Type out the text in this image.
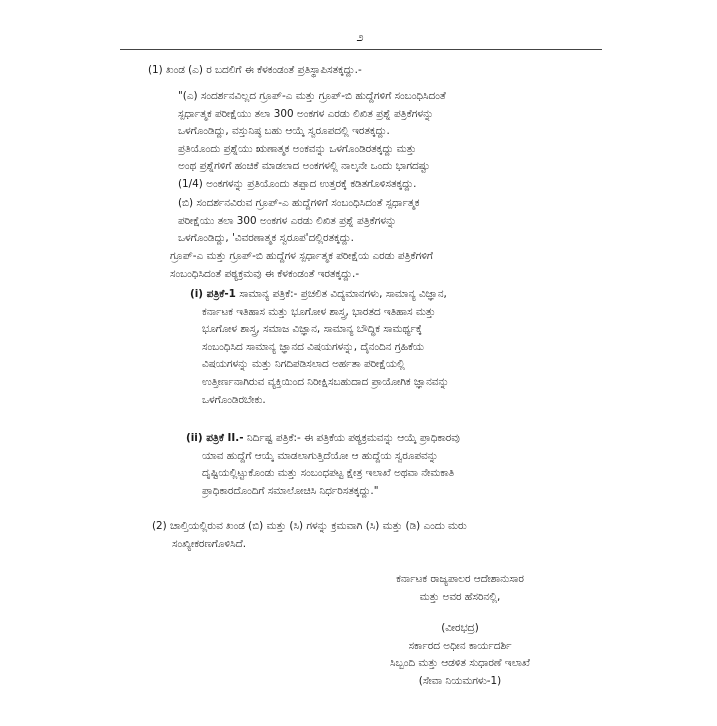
೨
(1) ಖಂಡ (ಎ) ರ ಬದಲಿಗೆ ಈ ಕೆಳಕಂಡಂತೆ ಪ್ರತಿಸ್ಥಾಪಿಸತಕ್ಕದ್ದು.-
"(ಎ) ಸಂದರ್ಶನವಿಲ್ಲದ ಗ್ರೂಪ್-ಎ ಮತ್ತು ಗ್ರೂಪ್-ಬಿ ಹುದ್ದೆಗಳಿಗೆ ಸಂಬಂಧಿಸಿದಂತೆ
ಸ್ಪರ್ಧಾತ್ಮಕ ಪರೀಕ್ಷೆಯು ತಲಾ 300 ಅಂಕಗಳ ಎರಡು ಲಿಖಿತ ಪ್ರಶ್ನೆ ಪತ್ರಿಕೆಗಳನ್ನು
ಒಳಗೊಂಡಿದ್ದು, ವಸ್ತುನಿಷ್ಠ ಬಹು ಆಯ್ಕೆ ಸ್ವರೂಪದಲ್ಲಿ ಇರತಕ್ಕದ್ದು.
ಪ್ರತಿಯೊಂದು ಪ್ರಶ್ನೆಯು ಋಣಾತ್ಮಕ ಅಂಕವನ್ನು ಒಳಗೊಂಡಿರತಕ್ಕದ್ದು ಮತ್ತು
ಅಂಥ ಪ್ರಶ್ನೆಗಳಿಗೆ ಹಂಚಿಕೆ ಮಾಡಲಾದ ಅಂಕಗಳಲ್ಲಿ ನಾಲ್ಕನೇ ಒಂದು ಭಾಗದಷ್ಟು
(1/4) ಅಂಕಗಳನ್ನು ಪ್ರತಿಯೊಂದು ತಪ್ಪಾದ ಉತ್ತರಕ್ಕೆ ಕಡಿತಗೊಳಿಸತಕ್ಕದ್ದು.
(ಬಿ) ಸಂದರ್ಶನವಿರುವ ಗ್ರೂಪ್-ಎ ಹುದ್ದೆಗಳಿಗೆ ಸಂಬಂಧಿಸಿದಂತೆ ಸ್ಪರ್ಧಾತ್ಮಕ
ಪರೀಕ್ಷೆಯು ತಲಾ 300 ಅಂಕಗಳ ಎರಡು ಲಿಖಿತ ಪ್ರಶ್ನೆ ಪತ್ರಿಕೆಗಳನ್ನು
ಒಳಗೊಂಡಿದ್ದು, 'ವಿವರಣಾತ್ಮಕ ಸ್ವರೂಪ'ದಲ್ಲಿರತಕ್ಕದ್ದು.
ಗ್ರೂಪ್-ಎ ಮತ್ತು ಗ್ರೂಪ್-ಬಿ ಹುದ್ದೆಗಳ ಸ್ಪರ್ಧಾತ್ಮಕ ಪರೀಕ್ಷೆಯ ಎರಡು ಪತ್ರಿಕೆಗಳಿಗೆ
ಸಂಬಂಧಿಸಿದಂತೆ ಪಠ್ಯಕ್ರಮವು ಈ ಕೆಳಕಂಡಂತೆ ಇರತಕ್ಕದ್ದು.-
(i) ಪತ್ರಿಕೆ-1 ಸಾಮಾನ್ಯ ಪತ್ರಿಕೆ:- ಪ್ರಚಲಿತ ವಿದ್ಯಮಾನಗಳು, ಸಾಮಾನ್ಯ ವಿಜ್ಞಾನ,
ಕರ್ನಾಟಕ ಇತಿಹಾಸ ಮತ್ತು ಭೂಗೋಳ ಶಾಸ್ತ್ರ, ಭಾರತದ ಇತಿಹಾಸ ಮತ್ತು
ಭೂಗೋಳ ಶಾಸ್ತ್ರ, ಸಮಾಜ ವಿಜ್ಞಾನ, ಸಾಮಾನ್ಯ ಬೌದ್ಧಿಕ ಸಾಮರ್ಥ್ಯಕ್ಕೆ
ಸಂಬಂಧಿಸಿದ ಸಾಮಾನ್ಯ ಜ್ಞಾನದ ವಿಷಯಗಳನ್ನು, ದೈನಂದಿನ ಗ್ರಹಿಕೆಯ
ವಿಷಯಗಳನ್ನು ಮತ್ತು ನಿಗದಿಪಡಿಸಲಾದ ಅರ್ಹತಾ ಪರೀಕ್ಷೆಯಲ್ಲಿ
ಉತ್ತೀರ್ಣನಾಗಿರುವ ವ್ಯಕ್ತಿಯಿಂದ ನಿರೀಕ್ಷಿಸಬಹುದಾದ ಪ್ರಾಯೋಗಿಕ ಜ್ಞಾನವನ್ನು
ಒಳಗೊಂಡಿರಬೇಕು.
(ii) ಪತ್ರಿಕೆ II.- ನಿರ್ದಿಷ್ಟ ಪತ್ರಿಕೆ:- ಈ ಪತ್ರಿಕೆಯ ಪಠ್ಯಕ್ರಮವನ್ನು ಆಯ್ಕೆ ಪ್ರಾಧಿಕಾರವು
ಯಾವ ಹುದ್ದೆಗೆ ಆಯ್ಕೆ ಮಾಡಲಾಗುತ್ತಿದೆಯೋ ಆ ಹುದ್ದೆಯ ಸ್ವರೂಪವನ್ನು
ದೃಷ್ಟಿಯಲ್ಲಿಟ್ಟುಕೊಂಡು ಮತ್ತು ಸಂಬಂಧಪಟ್ಟ ಕ್ಷೇತ್ರ ಇಲಾಖೆ ಅಥವಾ ನೇಮಕಾತಿ
ಪ್ರಾಧಿಕಾರದೊಂದಿಗೆ ಸಮಾಲೋಚಿಸಿ ನಿರ್ಧರಿಸತಕ್ಕದ್ದು."
(2) ಚಾಲ್ತಿಯಲ್ಲಿರುವ ಖಂಡ (ಬಿ) ಮತ್ತು (ಸಿ) ಗಳನ್ನು ಕ್ರಮವಾಗಿ (ಸಿ) ಮತ್ತು (ಡಿ) ಎಂದು ಮರು
ಸಂಖ್ಯೀಕರಣಗೊಳಿಸಿದೆ.
ಕರ್ನಾಟಕ ರಾಜ್ಯಪಾಲರ ಆದೇಶಾನುಸಾರ
ಮತ್ತು ಅವರ ಹೆಸರಿನಲ್ಲಿ,
(ವೀರಭದ್ರ)
ಸರ್ಕಾರದ ಅಧೀನ ಕಾರ್ಯದರ್ಶಿ
ಸಿಬ್ಬಂದಿ ಮತ್ತು ಆಡಳಿತ ಸುಧಾರಣೆ ಇಲಾಖೆ
(ಸೇವಾ ನಿಯಮಗಳು-1)
